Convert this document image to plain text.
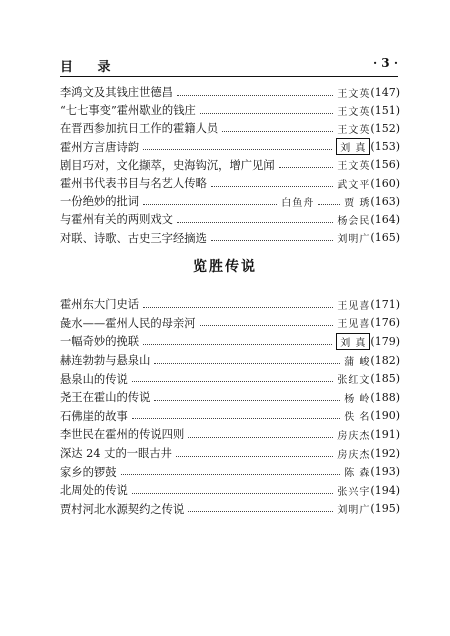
目 录	· 3 ·
李鸿文及其钱庄世德昌	王文英 (147)
“七七事变”霍州歇业的钱庄	王文英 (151)
在晋西参加抗日工作的霍籍人员	王文英 (152)
霍州方言唐诗韵	刘 真 (153)
剧目巧对，文化撷萃，史海钩沉，增广见闻	王文英 (156)
霍州书代表书目与名艺人传略	武文平 (160)
一份绝妙的批词	白鱼舟	贾 琇 (163)
与霍州有关的两则戏文	杨会民 (164)
对联、诗歌、古史三字经摘选	刘明广 (165)
览胜传说
霍州东大门史话	王见喜 (171)
彘水——霍州人民的母亲河	王见喜 (176)
一幅奇妙的挽联	刘 真 (179)
赫连勃勃与悬泉山	蒲 峻 (182)
悬泉山的传说	张红文 (185)
尧王在霍山的传说	杨 岭 (188)
石佛崖的故事	佚 名 (190)
李世民在霍州的传说四则	房庆杰 (191)
深达 24 丈的一眼古井	房庆杰 (192)
家乡的锣鼓	陈 森 (193)
北周处的传说	张兴宇 (194)
贾村河北水源契约之传说	刘明广 (195)
